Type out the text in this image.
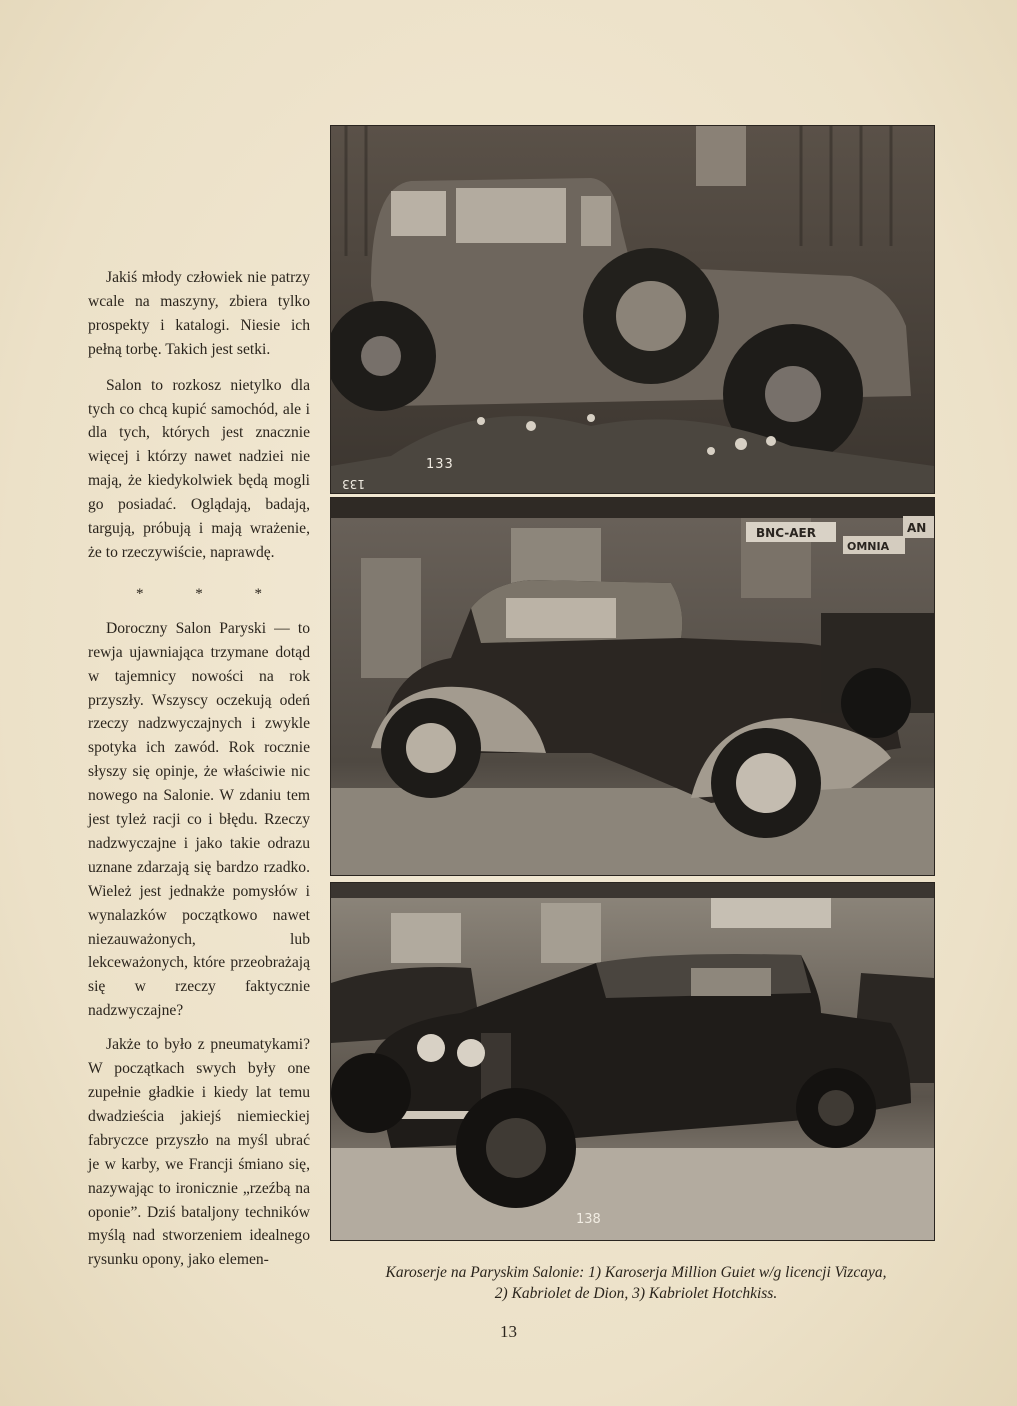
Jakiś młody człowiek nie patrzy wcale na maszyny, zbiera tylko prospekty i katalogi. Niesie ich pełną torbę. Takich jest setki.

Salon to rozkosz nietylko dla tych co chcą kupić samochód, ale i dla tych, których jest znacznie więcej i którzy nawet nadziei nie mają, że kiedykolwiek będą mogli go posiadać. Oglądają, badają, targują, próbują i mają wrażenie, że to rzeczywiście, naprawdę.

*	*	*

Doroczny Salon Paryski — to rewja ujawniająca trzymane dotąd w tajemnicy nowości na rok przyszły. Wszyscy oczekują odeń rzeczy nadzwyczajnych i zwykle spotyka ich zawód. Rok rocznie słyszy się opinje, że właściwie nic nowego na Salonie. W zdaniu tem jest tyleż racji co i błędu. Rzeczy nadzwyczajne i jako takie odrazu uznane zdarzają się bardzo rzadko. Wieleż jest jednakże pomysłów i wynalazków początkowo nawet niezauważonych, lub lekceważonych, które przeobrażają się w rzeczy faktycznie nadzwyczajne?

Jakże to było z pneumatykami? W początkach swych były one zupełnie gładkie i kiedy lat temu dwadzieścia jakiejś niemieckiej fabryczce przyszło na myśl ubrać je w karby, we Francji śmiano się, nazywając to ironicznie „rzeźbą na oponie”. Dziś bataljony techników myślą nad stworzeniem idealnego rysunku opony, jako elemen-

133
133
BNC-AER
OMNIA
AN
138
Karoserje na Paryskim Salonie: 1) Karoserja Million Guiet w/g licencji Vizcaya,
2) Kabriolet de Dion, 3) Kabriolet Hotchkiss.
13
